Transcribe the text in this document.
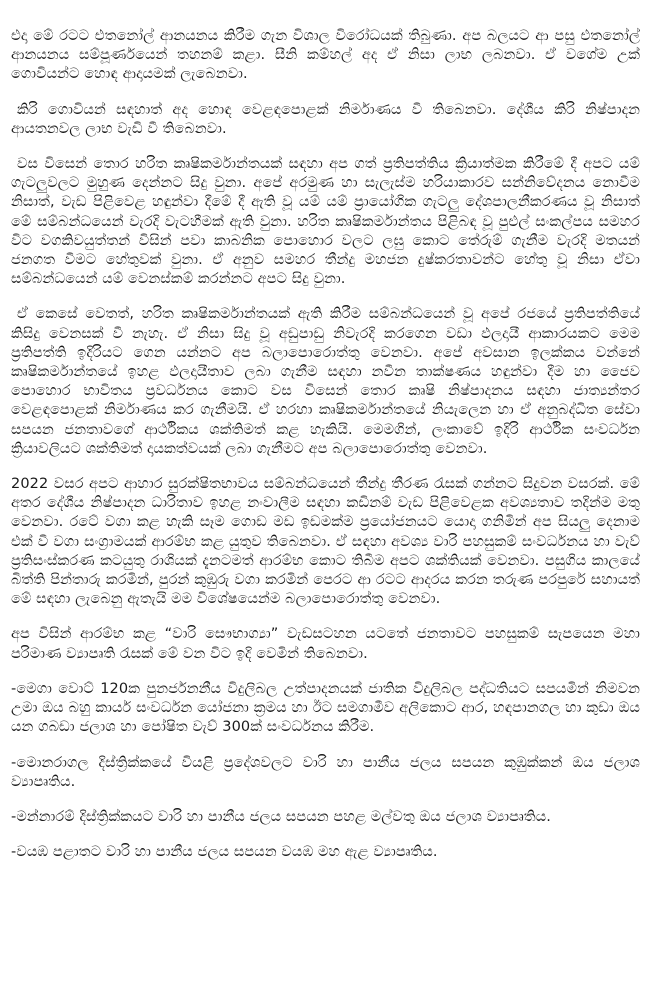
එදා මේ රටට එතනෝල් ආනයනය කිරීම ගැන විශාල විරෝධයක් තිබුණා. අප බලයට ආ පසු එතනෝල් ආනයනය සම්පූර්ණයෙන් තහනම් කළා. සීනි කම්හල් අද ඒ නිසා ලාභ ලබනවා. ඒ වගේම උක් ගොවියන්ට හොඳ ආදායමක් ලැබෙනවා.

කිරි ගොවියන් සඳහාත් අද හොඳ වෙළඳපොළක් නිර්මාණය වී තිබෙනවා. දේශීය කිරි නිෂ්පාදන ආයතනවල ලාභ වැඩි වී තිබෙනවා.

වස විසෙන් තොර හරිත කෘෂිකර්මාන්තයක් සඳහා අප ගත් ප්‍රතිපත්තිය ක්‍රියාත්මක කිරීමේ දී අපට යම් ගැටලුවලට මුහුණ දෙන්නට සිදු වුනා. අපේ අරමුණ හා සැලැස්ම හරියාකාරව සන්නිවේදනය නොවීම නිසාත්, වැඩ පිළිවෙළ හඳුන්වා දීමේ දී ඇති වූ යම් යම් ප්‍රායෝගික ගැටලු දේශපාලනීකරණය වූ නිසාත් මේ සම්බන්ධයෙන් වැරදි වැටහීමක් ඇති වුනා. හරිත කෘෂිකර්මාන්තය පිළිබඳ වූ පුළුල් සංකල්පය සමහර විට වගකිවයුත්තන් විසින් පවා කාබනික පොහොර වලට ලඝු කොට තේරුම් ගැනීම වැරදි මතයන් ජනගත වීමට හේතුවක් වුනා. ඒ අනුව සමහර තීන්දු මහජන දුෂ්කරතාවන්ට හේතු වූ නිසා ඒවා සම්බන්ධයෙන් යම් වෙනස්කම් කරන්නට අපට සිදු වුනා.

ඒ කෙසේ වෙතත්, හරිත කෘෂිකර්මාන්තයක් ඇති කිරීම සම්බන්ධයෙන් වූ අපේ රජයේ ප්‍රතිපත්තියේ කිසිදු වෙනසක් වී නැහැ. ඒ නිසා සිදු වූ අඩුපාඩු නිවැරදි කරගෙන වඩා ඵලදායී ආකාරයකට මෙම ප්‍රතිපත්ති ඉදිරියට ගෙන යන්නට අප බලාපොරොත්තු වෙනවා. අපේ අවසාන ඉලක්කය වන්නේ කෘෂිකර්මාන්තයේ ඉහළ ඵලදායීතාව ලබා ගැනීම සඳහා නවීන තාක්ෂණය හඳුන්වා දීම හා ජෛව පොහොර භාවිතය ප්‍රවර්ධනය කොට වස විසෙන් තොර කෘෂි නිෂ්පාදනය සඳහා ජාත්‍යන්තර වෙළඳපොළක් නිර්මාණය කර ගැනීමයි. ඒ හරහා කෘෂිකර්මාන්තයේ නියැලෙන හා ඒ අනුබද්ධිත සේවා සපයන ජනතාවගේ ආර්ථිකය ශක්තිමත් කළ හැකියි. මෙමගින්, ලංකාවේ ඉදිරි ආර්ථික සංවර්ධන ක්‍රියාවලියට ශක්තිමත් දායකත්වයක් ලබා ගැනීමට අප බලාපොරොත්තු වෙනවා.

2022 වසර අපට ආහාර සුරක්ෂිතභාවය සම්බන්ධයෙන් තීන්දු තීරණ රැසක් ගන්නට සිදුවන වසරක්. මේ අතර දේශීය නිෂ්පාදන ධාරිතාව ඉහළ නංවාලීම සඳහා කඩිනම් වැඩ පිළිවෙළක අවශ්‍යතාව තදින්ම මතු වෙනවා. රටේ වගා කළ හැකි සෑම ගොඩ මඩ ඉඩමක්ම ප්‍රයෝජනයට යොදා ගනිමින් අප සියලු දෙනාම එක් වී වගා සංග්‍රාමයක් ආරම්භ කළ යුතුව තිබෙනවා. ඒ සඳහා අවශ්‍ය වාරි පහසුකම් සංවර්ධනය හා වැව් ප්‍රතිසංස්කරණ කටයුතු රාශියක් දැනටමත් ආරම්භ කොට තිබීම අපට ශක්තියක් වෙනවා. පසුගිය කාලයේ බිත්ති පින්තාරු කරමින්, පුරන් කුඹුරු වගා කරමින් පෙරට ආ රටට ආදරය කරන තරුණ පරපුරේ සහායත් මේ සඳහා ලැබෙනු ඇතැයි මම විශේෂයෙන්ම බලාපොරොත්තු වෙනවා.

අප විසින් ආරම්භ කළ “වාරි සෞභාග්‍යා” වැඩසටහන යටතේ ජනතාවට පහසුකම් සැපයෙන මහා පරිමාණ ව්‍යාපෘති රැසක් මේ වන විට ඉදි වෙමින් තිබෙනවා.

-මෙගා වොට් 120ක පුනර්ජනනීය විදුලිබල උත්පාදනයක් ජාතික විදුලිබල පද්ධතියට සපයමින් නිමවන උමා ඔය බහු කාර්ය සංවර්ධන යෝජනා ක්‍රමය හා ඊට සමගාමීව අලිකොට ආර, හඳපානගල හා කුඩා ඔය යන ගබඩා ජලාශ හා පෝෂිත වැව් 300ක් සංවර්ධනය කිරීම.

-මොනරාගල දිස්ත්‍රික්කයේ වියළි ප්‍රදේශවලට වාරි හා පානීය ජලය සපයන කුඹුක්කන් ඔය ජලාශ ව්‍යාපෘතිය.

-මන්නාරම් දිස්ත්‍රික්කයට වාරි හා පානීය ජලය සපයන පහළ මල්වතු ඔය ජලාශ ව්‍යාපෘතිය.

-වයඹ පළාතට වාරි හා පානීය ජලය සපයන වයඹ මහ ඇළ ව්‍යාපෘතිය.
